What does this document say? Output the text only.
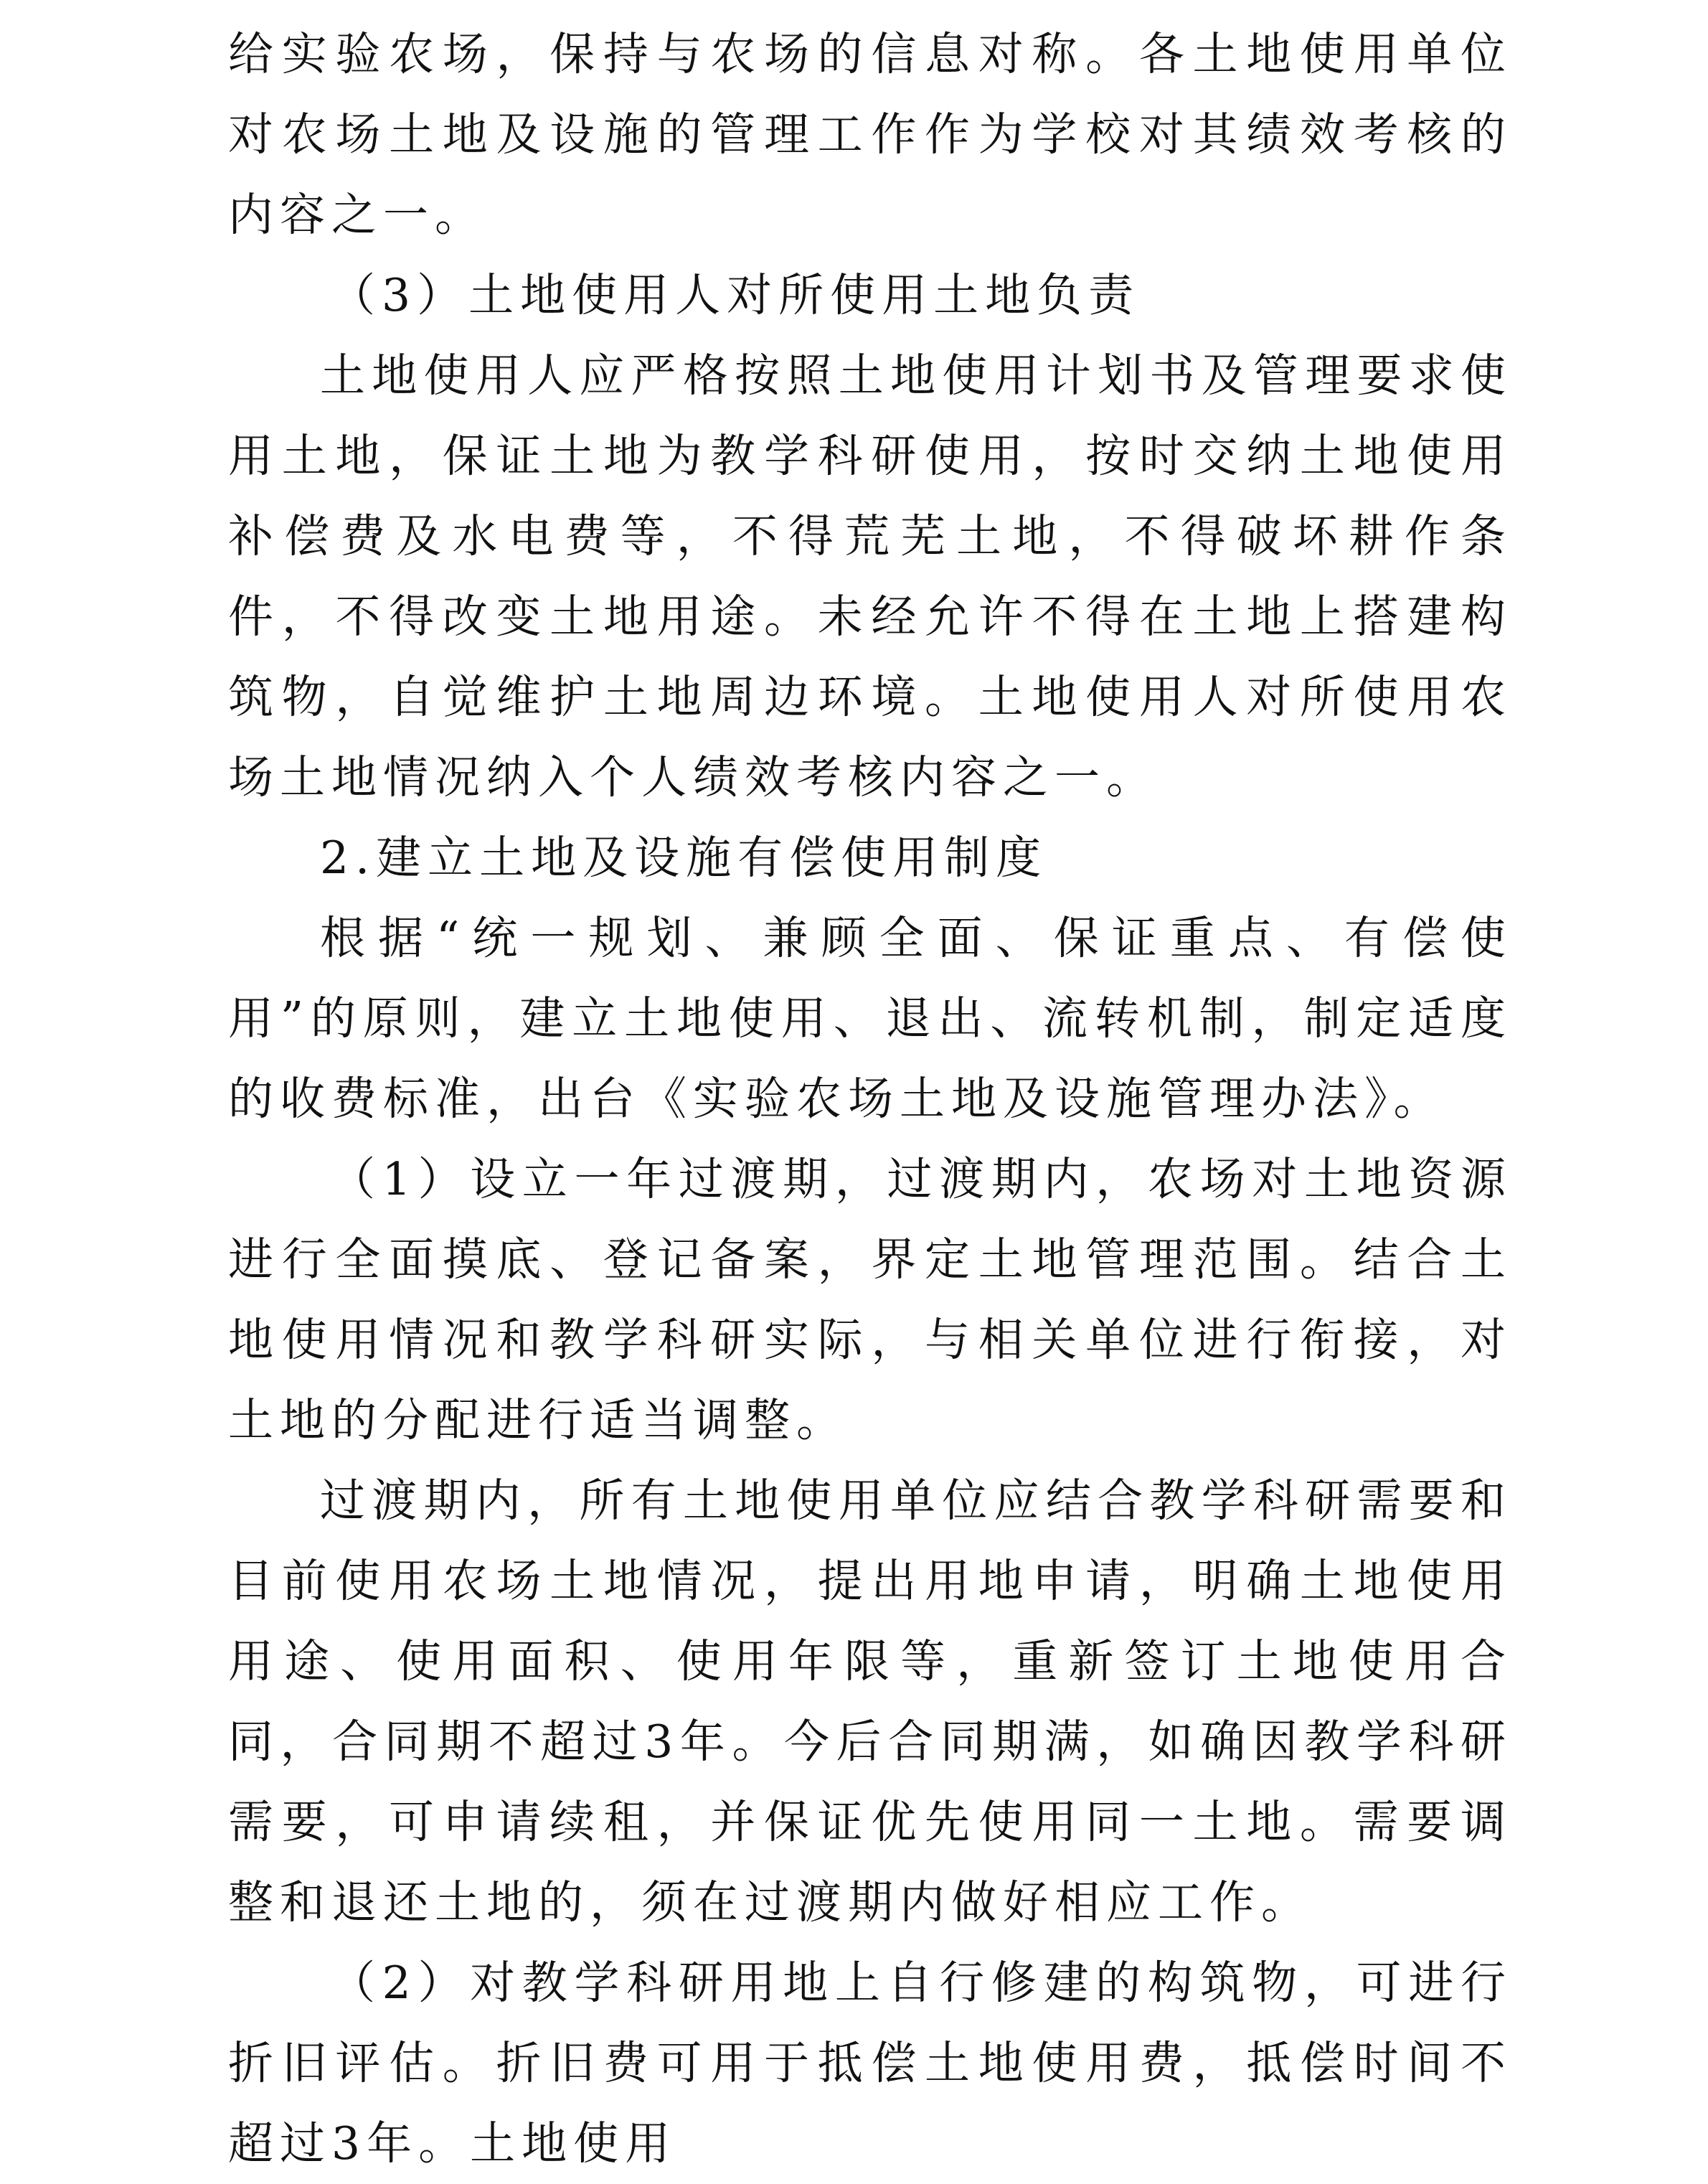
给实验农场，保持与农场的信息对称。各土地使用单位对农场土地及设施的管理工作作为学校对其绩效考核的内容之一。

（3）土地使用人对所使用土地负责

土地使用人应严格按照土地使用计划书及管理要求使用土地，保证土地为教学科研使用，按时交纳土地使用补偿费及水电费等，不得荒芜土地，不得破坏耕作条件，不得改变土地用途。未经允许不得在土地上搭建构筑物，自觉维护土地周边环境。土地使用人对所使用农场土地情况纳入个人绩效考核内容之一。

2.建立土地及设施有偿使用制度

根据“统一规划、兼顾全面、保证重点、有偿使用”的原则，建立土地使用、退出、流转机制，制定适度的收费标准，出台《实验农场土地及设施管理办法》。

（1）设立一年过渡期，过渡期内，农场对土地资源进行全面摸底、登记备案，界定土地管理范围。结合土地使用情况和教学科研实际，与相关单位进行衔接，对土地的分配进行适当调整。

过渡期内，所有土地使用单位应结合教学科研需要和目前使用农场土地情况，提出用地申请，明确土地使用用途、使用面积、使用年限等，重新签订土地使用合同，合同期不超过3年。今后合同期满，如确因教学科研需要，可申请续租，并保证优先使用同一土地。需要调整和退还土地的，须在过渡期内做好相应工作。

（2）对教学科研用地上自行修建的构筑物，可进行折旧评估。折旧费可用于抵偿土地使用费，抵偿时间不超过3年。土地使用
